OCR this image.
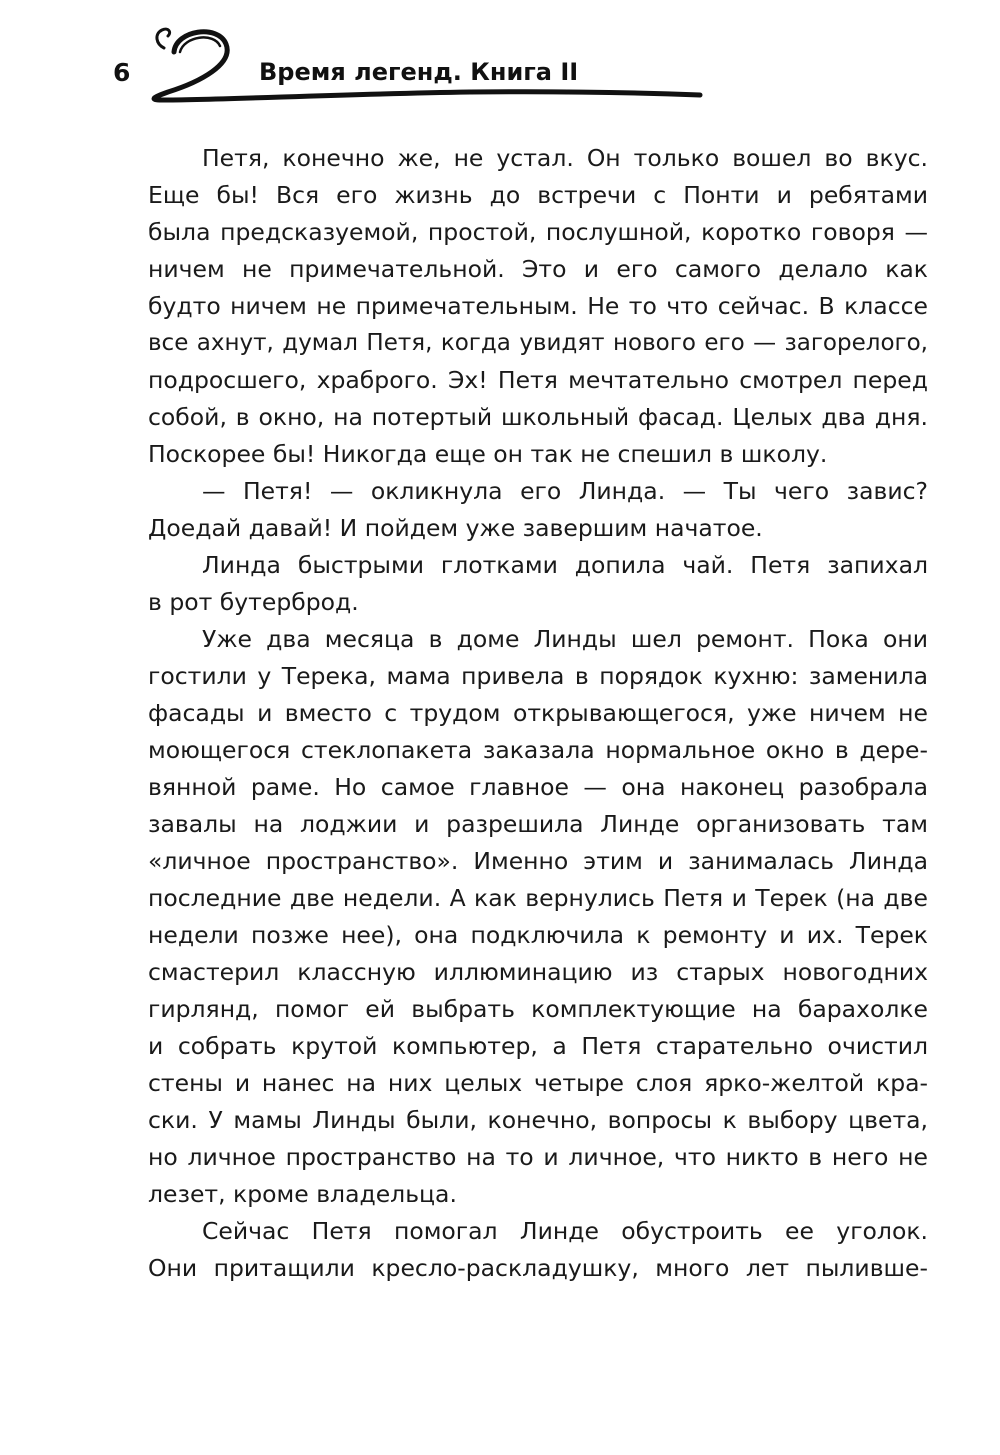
6	Время легенд. Книга II
Петя, конечно же, не устал. Он только вошел во вкус.
Еще бы! Вся его жизнь до встречи с Понти и ребятами
была предсказуемой, простой, послушной, коротко говоря —
ничем не примечательной. Это и его самого делало как
будто ничем не примечательным. Не то что сейчас. В классе
все ахнут, думал Петя, когда увидят нового его — загорелого,
подросшего, храброго. Эх! Петя мечтательно смотрел перед
собой, в окно, на потертый школьный фасад. Целых два дня.
Поскорее бы! Никогда еще он так не спешил в школу.
— Петя! — окликнула его Линда. — Ты чего завис?
Доедай давай! И пойдем уже завершим начатое.
Линда быстрыми глотками допила чай. Петя запихал
в рот бутерброд.
Уже два месяца в доме Линды шел ремонт. Пока они
гостили у Терека, мама привела в порядок кухню: заменила
фасады и вместо с трудом открывающегося, уже ничем не
моющегося стеклопакета заказала нормальное окно в дере-
вянной раме. Но самое главное — она наконец разобрала
завалы на лоджии и разрешила Линде организовать там
«личное пространство». Именно этим и занималась Линда
последние две недели. А как вернулись Петя и Терек (на две
недели позже нее), она подключила к ремонту и их. Терек
смастерил классную иллюминацию из старых новогодних
гирлянд, помог ей выбрать комплектующие на барахолке
и собрать крутой компьютер, а Петя старательно очистил
стены и нанес на них целых четыре слоя ярко-желтой кра-
ски. У мамы Линды были, конечно, вопросы к выбору цвета,
но личное пространство на то и личное, что никто в него не
лезет, кроме владельца.
Сейчас Петя помогал Линде обустроить ее уголок.
Они притащили кресло-раскладушку, много лет пыливше-
